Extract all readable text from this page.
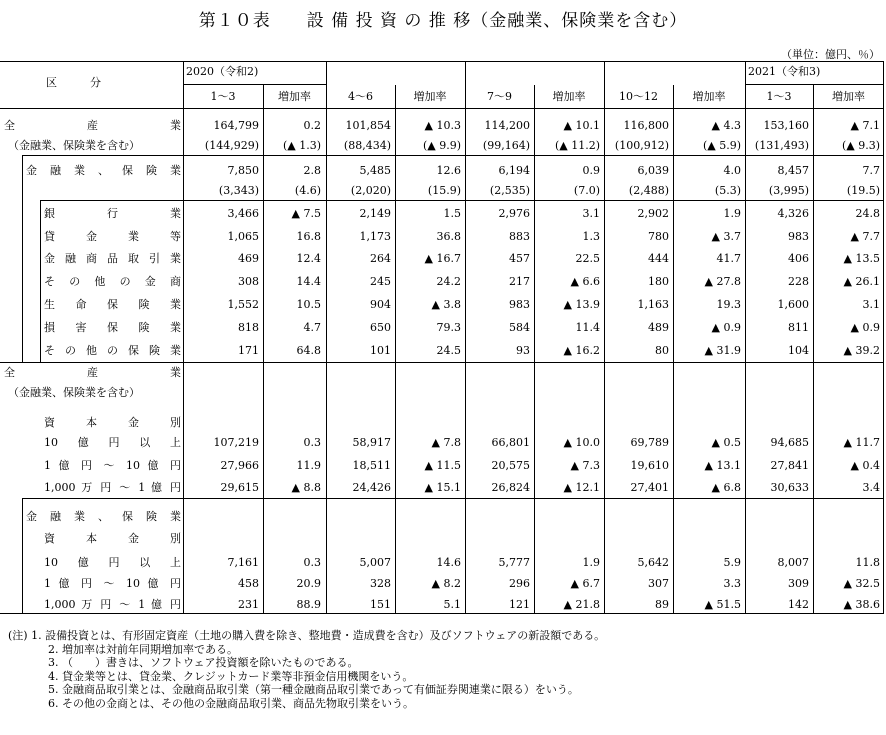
第１０表　　設 備 投 資 の 推 移（金融業、保険業を含む）
（単位：億円、％）
区　　　分
2020（令和2)	2021（令和3)
1～3	増加率	4～6	増加率	7～9	増加率	10～12	増加率	1～3	増加率
全　　　産　　　業	164,799	0.2	101,854	▲ 10.3	114,200	▲ 10.1	116,800	▲ 4.3	153,160	▲ 7.1
（金融業、保険業を含む）	(144,929)	(▲ 1.3)	(88,434)	(▲ 9.9)	(99,164)	(▲ 11.2)	(100,912)	(▲ 5.9)	(131,493)	(▲ 9.3)
金 融 業 、 保 険 業	7,850	2.8	5,485	12.6	6,194	0.9	6,039	4.0	8,457	7.7
(3,343)	(4.6)	(2,020)	(15.9)	(2,535)	(7.0)	(2,488)	(5.3)	(3,995)	(19.5)
銀　　　行　　　業	3,466	▲ 7.5	2,149	1.5	2,976	3.1	2,902	1.9	4,326	24.8
貸　　金　　業　　等	1,065	16.8	1,173	36.8	883	1.3	780	▲ 3.7	983	▲ 7.7
金 融 商 品 取 引 業	469	12.4	264	▲ 16.7	457	22.5	444	41.7	406	▲ 13.5
そ の 他 の 金 商	308	14.4	245	24.2	217	▲ 6.6	180	▲ 27.8	228	▲ 26.1
生　命　保　険　業	1,552	10.5	904	▲ 3.8	983	▲ 13.9	1,163	19.3	1,600	3.1
損　害　保　険　業	818	4.7	650	79.3	584	11.4	489	▲ 0.9	811	▲ 0.9
そ の 他 の 保 険 業	171	64.8	101	24.5	93	▲ 16.2	80	▲ 31.9	104	▲ 39.2
全　　　産　　　業
（金融業、保険業を含む）
資　　本　　金　　別
10　億　円　以　上	107,219	0.3	58,917	▲ 7.8	66,801	▲ 10.0	69,789	▲ 0.5	94,685	▲ 11.7
1 億 円 ～ 10 億 円	27,966	11.9	18,511	▲ 11.5	20,575	▲ 7.3	19,610	▲ 13.1	27,841	▲ 0.4
1,000 万 円 ～ 1 億 円	29,615	▲ 8.8	24,426	▲ 15.1	26,824	▲ 12.1	27,401	▲ 6.8	30,633	3.4
金 融 業 、 保 険 業
資　　本　　金　　別
10　億　円　以　上	7,161	0.3	5,007	14.6	5,777	1.9	5,642	5.9	8,007	11.8
1 億 円 ～ 10 億 円	458	20.9	328	▲ 8.2	296	▲ 6.7	307	3.3	309	▲ 32.5
1,000 万 円 ～ 1 億 円	231	88.9	151	5.1	121	▲ 21.8	89	▲ 51.5	142	▲ 38.6
(注) 1. 設備投資とは、有形固定資産（土地の購入費を除き、整地費・造成費を含む）及びソフトウェアの新設額である。
2. 増加率は対前年同期増加率である。
3. （　　）書きは、ソフトウェア投資額を除いたものである。
4. 貸金業等とは、貸金業、クレジットカード業等非預金信用機関をいう。
5. 金融商品取引業とは、金融商品取引業（第一種金融商品取引業であって有価証券関連業に限る）をいう。
6. その他の金商とは、その他の金融商品取引業、商品先物取引業をいう。
